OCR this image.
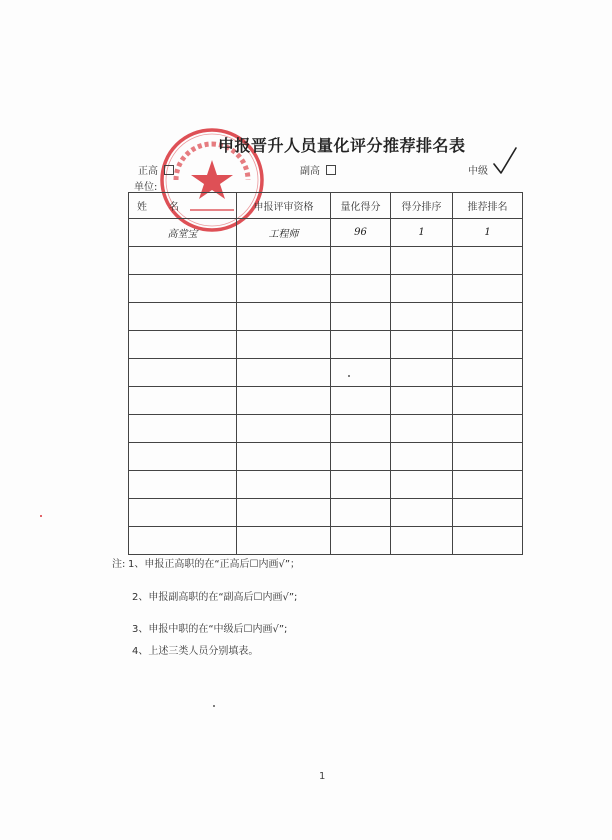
申报晋升人员量化评分推荐排名表
正高	副高	中级
单位:
姓名	申报评审资格	量化得分	得分排序	推荐排名
高堂宝	工程师	96	1	1

注: 1、申报正高职的在“正高后☐内画√”；
2、申报副高职的在“副高后☐内画√”;
3、申报中职的在“中级后☐内画√”;
4、上述三类人员分别填表。
1
